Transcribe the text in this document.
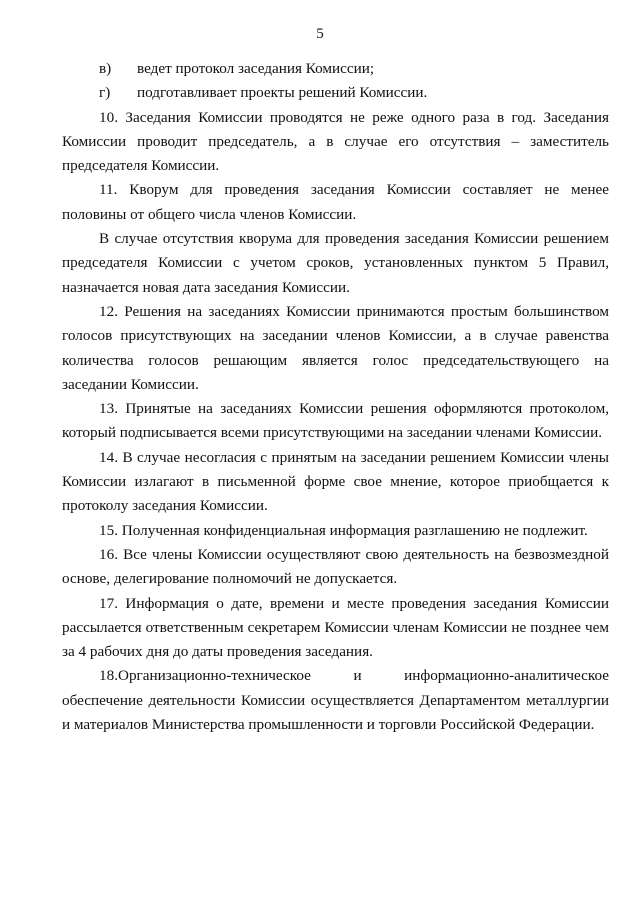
5
в) ведет протокол заседания Комиссии;
г) подготавливает проекты решений Комиссии.

10. Заседания Комиссии проводятся не реже одного раза в год. Заседания Комиссии проводит председатель, а в случае его отсутствия – заместитель председателя Комиссии.

11. Кворум для проведения заседания Комиссии составляет не менее половины от общего числа членов Комиссии.

В случае отсутствия кворума для проведения заседания Комиссии решением председателя Комиссии с учетом сроков, установленных пунктом 5 Правил, назначается новая дата заседания Комиссии.

12. Решения на заседаниях Комиссии принимаются простым большинством голосов присутствующих на заседании членов Комиссии, а в случае равенства количества голосов решающим является голос председательствующего на заседании Комиссии.

13. Принятые на заседаниях Комиссии решения оформляются протоколом, который подписывается всеми присутствующими на заседании членами Комиссии.

14. В случае несогласия с принятым на заседании решением Комиссии члены Комиссии излагают в письменной форме свое мнение, которое приобщается к протоколу заседания Комиссии.

15. Полученная конфиденциальная информация разглашению не подлежит.

16. Все члены Комиссии осуществляют свою деятельность на безвозмездной основе, делегирование полномочий не допускается.

17. Информация о дате, времени и месте проведения заседания Комиссии рассылается ответственным секретарем Комиссии членам Комиссии не позднее чем за 4 рабочих дня до даты проведения заседания.

18.Организационно-техническое и информационно-аналитическое обеспечение деятельности Комиссии осуществляется Департаментом металлургии и материалов Министерства промышленности и торговли Российской Федерации.
